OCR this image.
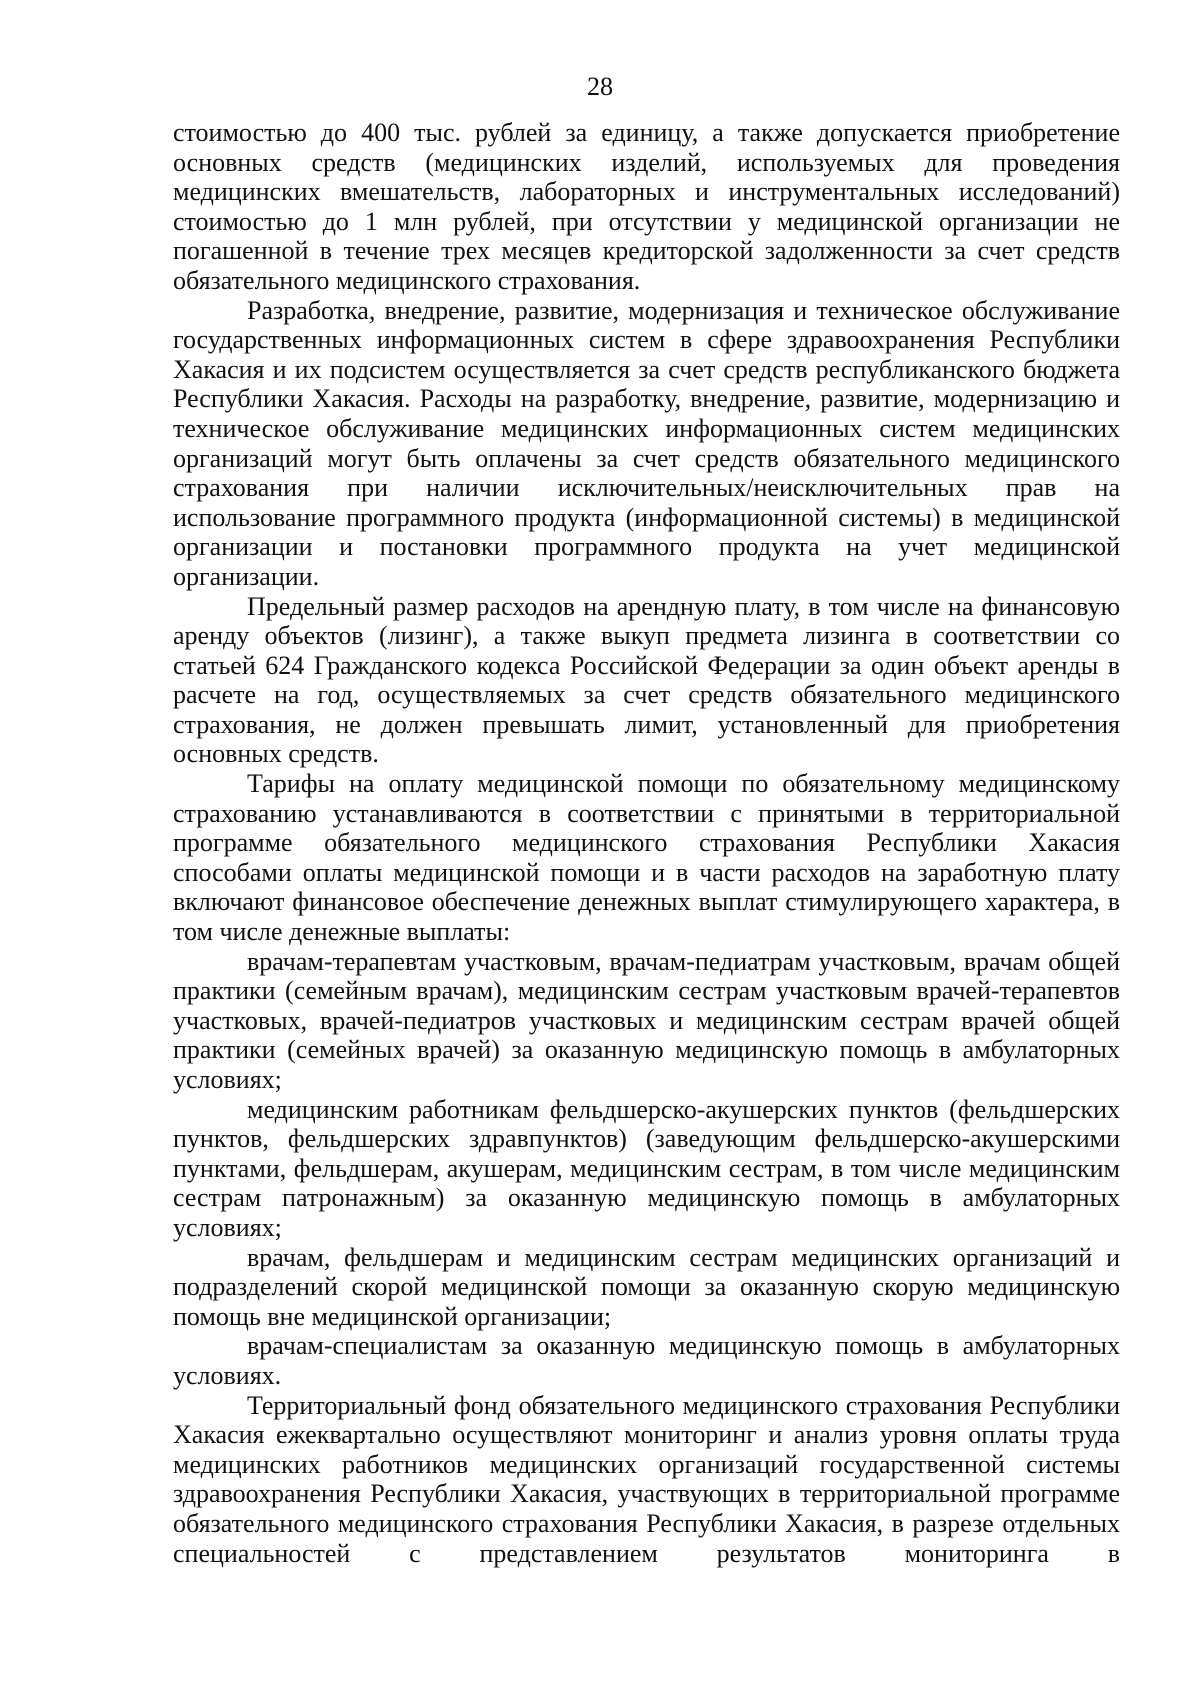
28

стоимостью до 400 тыс. рублей за единицу, а также допускается приобретение основных средств (медицинских изделий, используемых для проведения медицинских вмешательств, лабораторных и инструментальных исследований) стоимостью до 1 млн рублей, при отсутствии у медицинской организации не погашенной в течение трех месяцев кредиторской задолженности за счет средств обязательного медицинского страхования.

Разработка, внедрение, развитие, модернизация и техническое обслуживание государственных информационных систем в сфере здравоохранения Республики Хакасия и их подсистем осуществляется за счет средств республиканского бюджета Республики Хакасия. Расходы на разработку, внедрение, развитие, модернизацию и техническое обслуживание медицинских информационных систем медицинских организаций могут быть оплачены за счет средств обязательного медицинского страхования при наличии исключительных/неисключительных прав на использование программного продукта (информационной системы) в медицинской организации и постановки программного продукта на учет медицинской организации.

Предельный размер расходов на арендную плату, в том числе на финансовую аренду объектов (лизинг), а также выкуп предмета лизинга в соответствии со статьей 624 Гражданского кодекса Российской Федерации за один объект аренды в расчете на год, осуществляемых за счет средств обязательного медицинского страхования, не должен превышать лимит, установленный для приобретения основных средств.

Тарифы на оплату медицинской помощи по обязательному медицинскому страхованию устанавливаются в соответствии с принятыми в территориальной программе обязательного медицинского страхования Республики Хакасия способами оплаты медицинской помощи и в части расходов на заработную плату включают финансовое обеспечение денежных выплат стимулирующего характера, в том числе денежные выплаты:

врачам-терапевтам участковым, врачам-педиатрам участковым, врачам общей практики (семейным врачам), медицинским сестрам участковым врачей-терапевтов участковых, врачей-педиатров участковых и медицинским сестрам врачей общей практики (семейных врачей) за оказанную медицинскую помощь в амбулаторных условиях;

медицинским работникам фельдшерско-акушерских пунктов (фельдшерских пунктов, фельдшерских здравпунктов) (заведующим фельдшерско-акушерскими пунктами, фельдшерам, акушерам, медицинским сестрам, в том числе медицинским сестрам патронажным) за оказанную медицинскую помощь в амбулаторных условиях;

врачам, фельдшерам и медицинским сестрам медицинских организаций и подразделений скорой медицинской помощи за оказанную скорую медицинскую помощь вне медицинской организации;

врачам-специалистам за оказанную медицинскую помощь в амбулаторных условиях.

Территориальный фонд обязательного медицинского страхования Республики Хакасия ежеквартально осуществляют мониторинг и анализ уровня оплаты труда медицинских работников медицинских организаций государственной системы здравоохранения Республики Хакасия, участвующих в территориальной программе обязательного медицинского страхования Республики Хакасия, в разрезе отдельных специальностей с представлением результатов мониторинга в
